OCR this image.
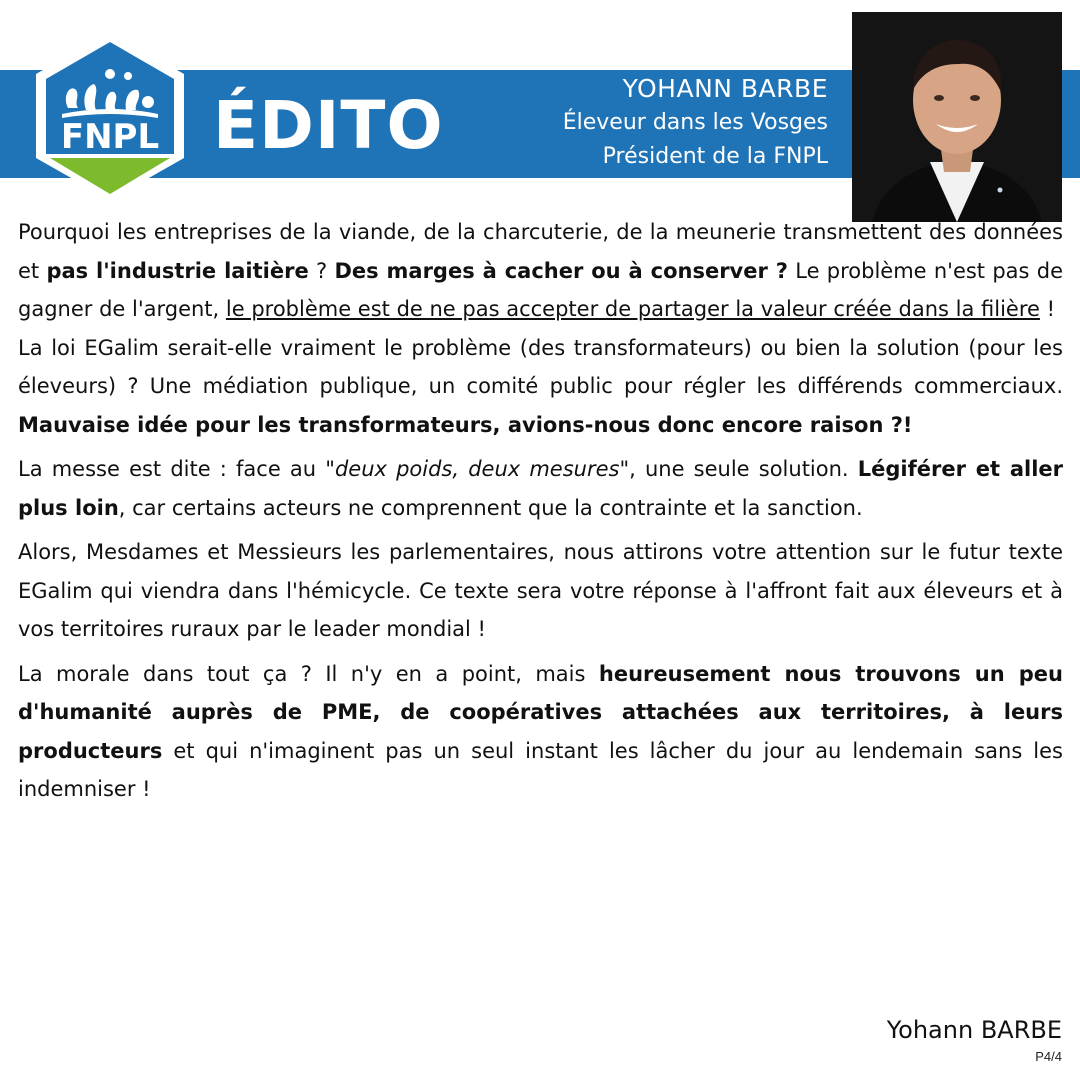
FNPL ÉDITO	YOHANN BARBE
Éleveur dans les Vosges
Président de la FNPL

Pourquoi les entreprises de la viande, de la charcuterie, de la meunerie transmettent des données et pas l'industrie laitière ? Des marges à cacher ou à conserver ? Le problème n'est pas de gagner de l'argent, le problème est de ne pas accepter de partager la valeur créée dans la filière !
La loi EGalim serait-elle vraiment le problème (des transformateurs) ou bien la solution (pour les éleveurs) ? Une médiation publique, un comité public pour régler les différends commerciaux. Mauvaise idée pour les transformateurs, avions-nous donc encore raison ?!

La messe est dite : face au "deux poids, deux mesures", une seule solution. Légiférer et aller plus loin, car certains acteurs ne comprennent que la contrainte et la sanction.

Alors, Mesdames et Messieurs les parlementaires, nous attirons votre attention sur le futur texte EGalim qui viendra dans l'hémicycle. Ce texte sera votre réponse à l'affront fait aux éleveurs et à vos territoires ruraux par le leader mondial !

La morale dans tout ça ? Il n'y en a point, mais heureusement nous trouvons un peu d'humanité auprès de PME, de coopératives attachées aux territoires, à leurs producteurs et qui n'imaginent pas un seul instant les lâcher du jour au lendemain sans les indemniser !

Yohann BARBE
P4/4
